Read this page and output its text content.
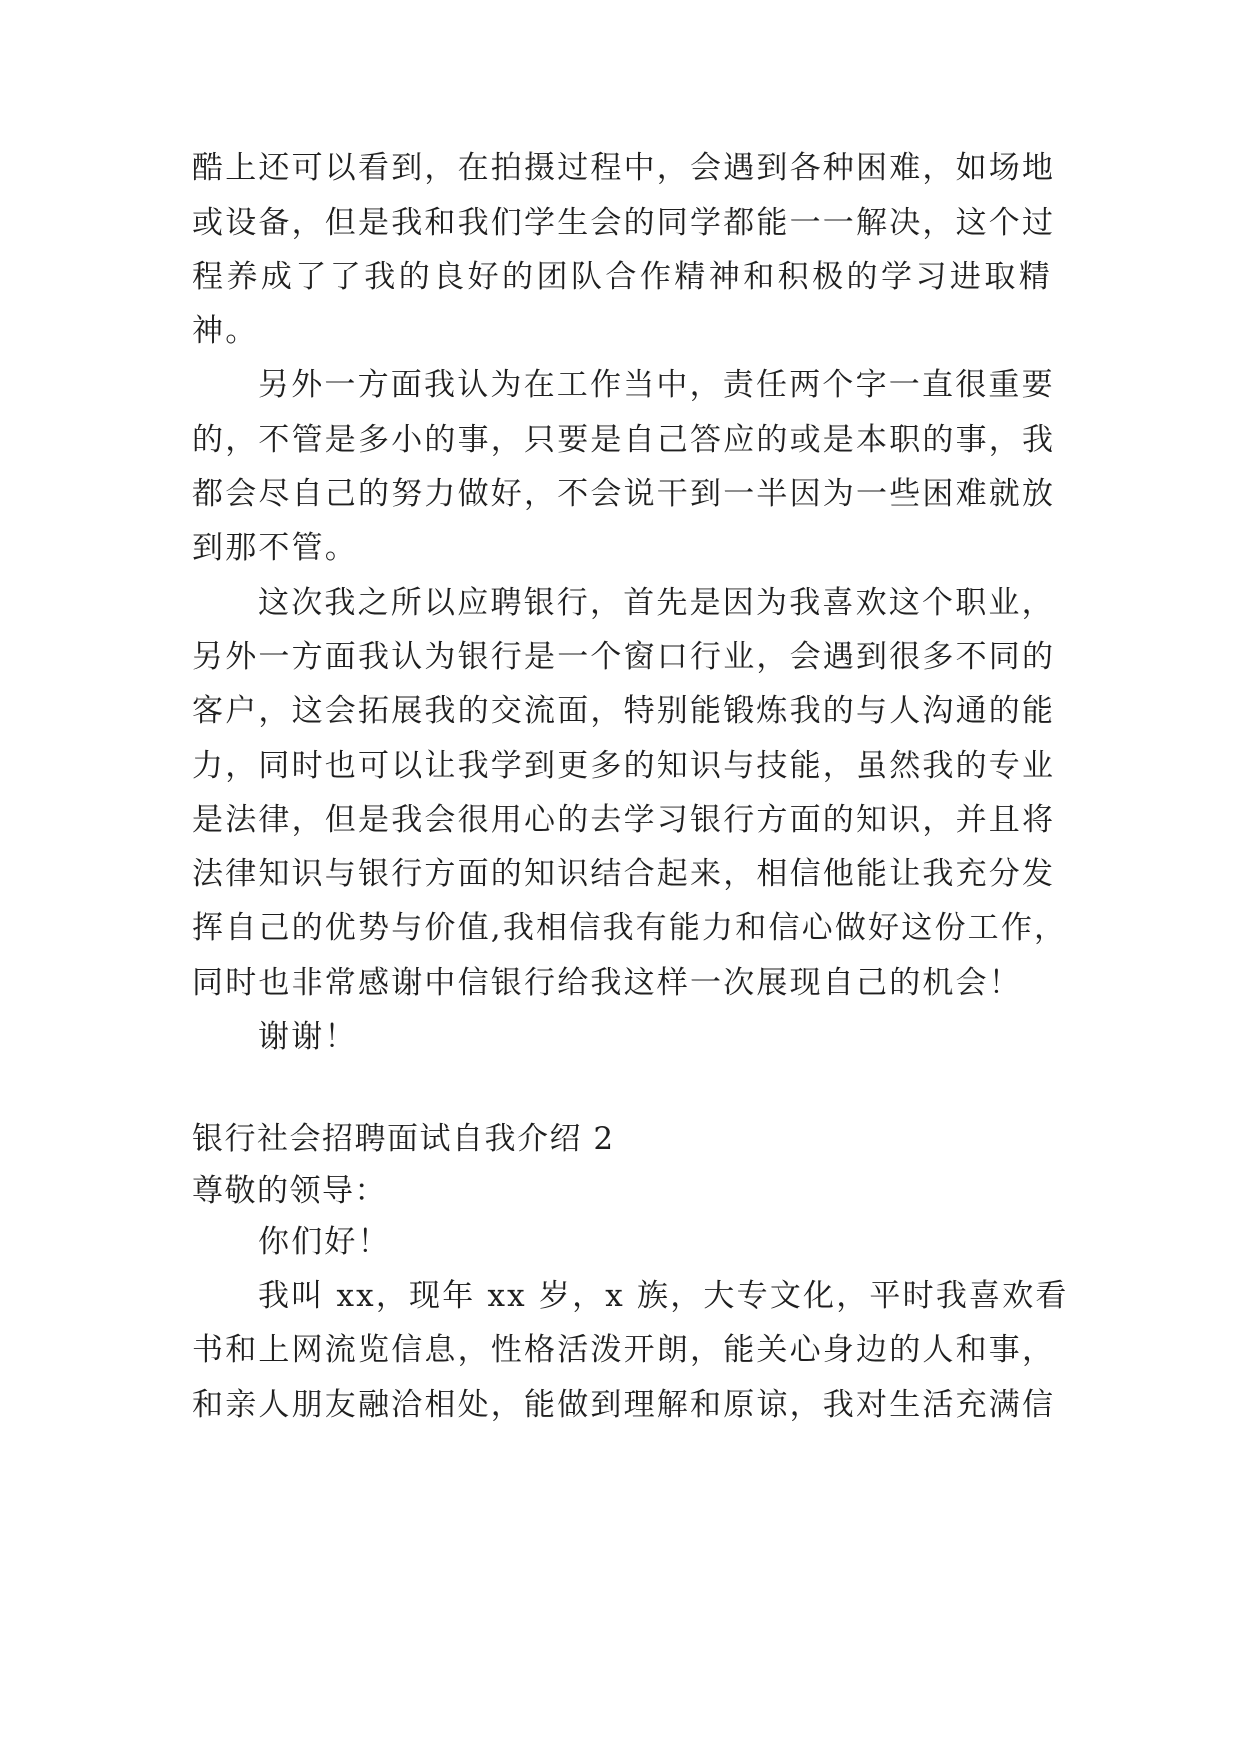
酷上还可以看到，在拍摄过程中，会遇到各种困难，如场地
或设备，但是我和我们学生会的同学都能一一解决，这个过
程养成了了我的良好的团队合作精神和积极的学习进取精
神。
另外一方面我认为在工作当中，责任两个字一直很重要
的，不管是多小的事，只要是自己答应的或是本职的事，我
都会尽自己的努力做好，不会说干到一半因为一些困难就放
到那不管。
这次我之所以应聘银行，首先是因为我喜欢这个职业，
另外一方面我认为银行是一个窗口行业，会遇到很多不同的
客户，这会拓展我的交流面，特别能锻炼我的与人沟通的能
力，同时也可以让我学到更多的知识与技能，虽然我的专业
是法律，但是我会很用心的去学习银行方面的知识，并且将
法律知识与银行方面的知识结合起来，相信他能让我充分发
挥自己的优势与价值,我相信我有能力和信心做好这份工作，
同时也非常感谢中信银行给我这样一次展现自己的机会！
谢谢！
银行社会招聘面试自我介绍 2
尊敬的领导：
你们好！
我叫 xx，现年 xx 岁，x 族，大专文化，平时我喜欢看
书和上网流览信息，性格活泼开朗，能关心身边的人和事，
和亲人朋友融洽相处，能做到理解和原谅，我对生活充满信
